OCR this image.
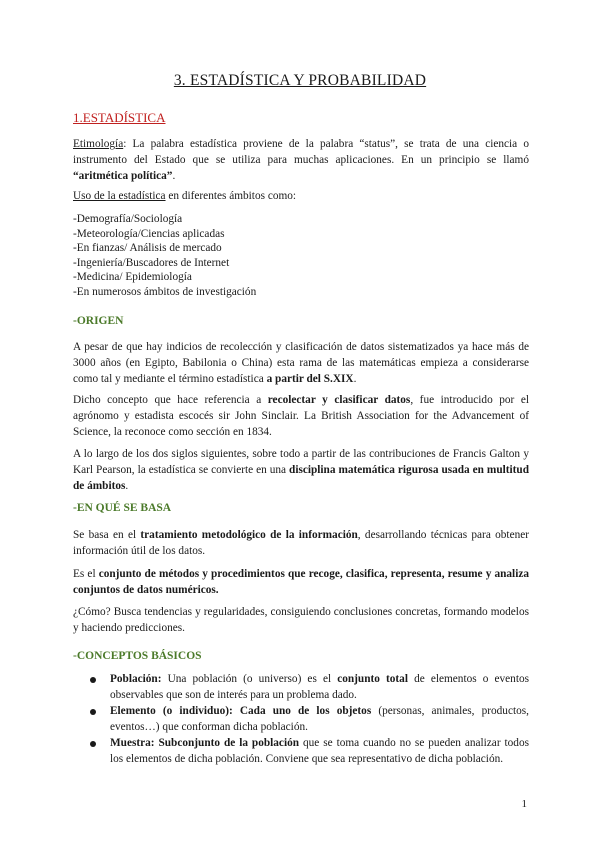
3. ESTADÍSTICA Y PROBABILIDAD
1.ESTADÍSTICA

Etimología: La palabra estadística proviene de la palabra “status”, se trata de una ciencia o instrumento del Estado que se utiliza para muchas aplicaciones. En un principio se llamó “aritmética política”.

Uso de la estadística en diferentes ámbitos como:

-Demografía/Sociología
-Meteorología/Ciencias aplicadas
-En fianzas/ Análisis de mercado
-Ingeniería/Buscadores de Internet
-Medicina/ Epidemiología
-En numerosos ámbitos de investigación
-ORIGEN

A pesar de que hay indicios de recolección y clasificación de datos sistematizados ya hace más de 3000 años (en Egipto, Babilonia o China) esta rama de las matemáticas empieza a considerarse como tal y mediante el término estadística a partir del S.XIX.

Dicho concepto que hace referencia a recolectar y clasificar datos, fue introducido por el agrónomo y estadista escocés sir John Sinclair. La British Association for the Advancement of Science, la reconoce como sección en 1834.

A lo largo de los dos siglos siguientes, sobre todo a partir de las contribuciones de Francis Galton y Karl Pearson, la estadística se convierte en una disciplina matemática rigurosa usada en multitud de ámbitos.

-EN QUÉ SE BASA

Se basa en el tratamiento metodológico de la información, desarrollando técnicas para obtener información útil de los datos.

Es el conjunto de métodos y procedimientos que recoge, clasifica, representa, resume y analiza conjuntos de datos numéricos.

¿Cómo? Busca tendencias y regularidades, consiguiendo conclusiones concretas, formando modelos y haciendo predicciones.

-CONCEPTOS BÁSICOS
Población: Una población (o universo) es el conjunto total de elementos o eventos observables que son de interés para un problema dado.
Elemento (o individuo): Cada uno de los objetos (personas, animales, productos, eventos…) que conforman dicha población.
Muestra: Subconjunto de la población que se toma cuando no se pueden analizar todos los elementos de dicha población. Conviene que sea representativo de dicha población.

1
